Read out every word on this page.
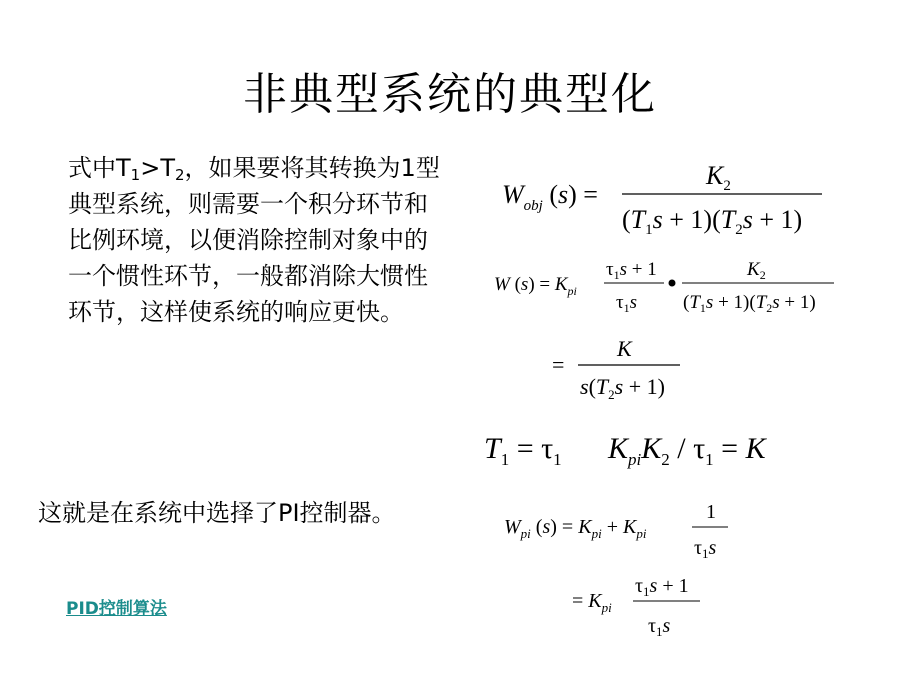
非典型系统的典型化
式中$T_1>T_2$，如果要将其转换为1型典型系统，则需要一个积分环节和比例环境，以便消除控制对象中的一个惯性环节，一般都消除大惯性环节，这样使系统的响应更快。
这就是在系统中选择了PI控制器。
PID控制算法
$W_{obj}$ (s) =
$K_2$
$(T_1s + 1)(T_2s + 1)$
W $(s) = K_{pi}$
$\tau_1s + 1$
$\tau_1s$
$K_2$
$(T_1s + 1)(T_2s + 1)$
=
K
$s(T_2s + 1)$
$T_1 = \tau_1$ $K_{pi}K_2 / \tau_1 = K$
$W_{pi}$ $(s) = K_{pi} + K_{pi}$
1
$\tau_1s$
= $K_{pi}$
$\tau_1s + 1$
$\tau_1s$
